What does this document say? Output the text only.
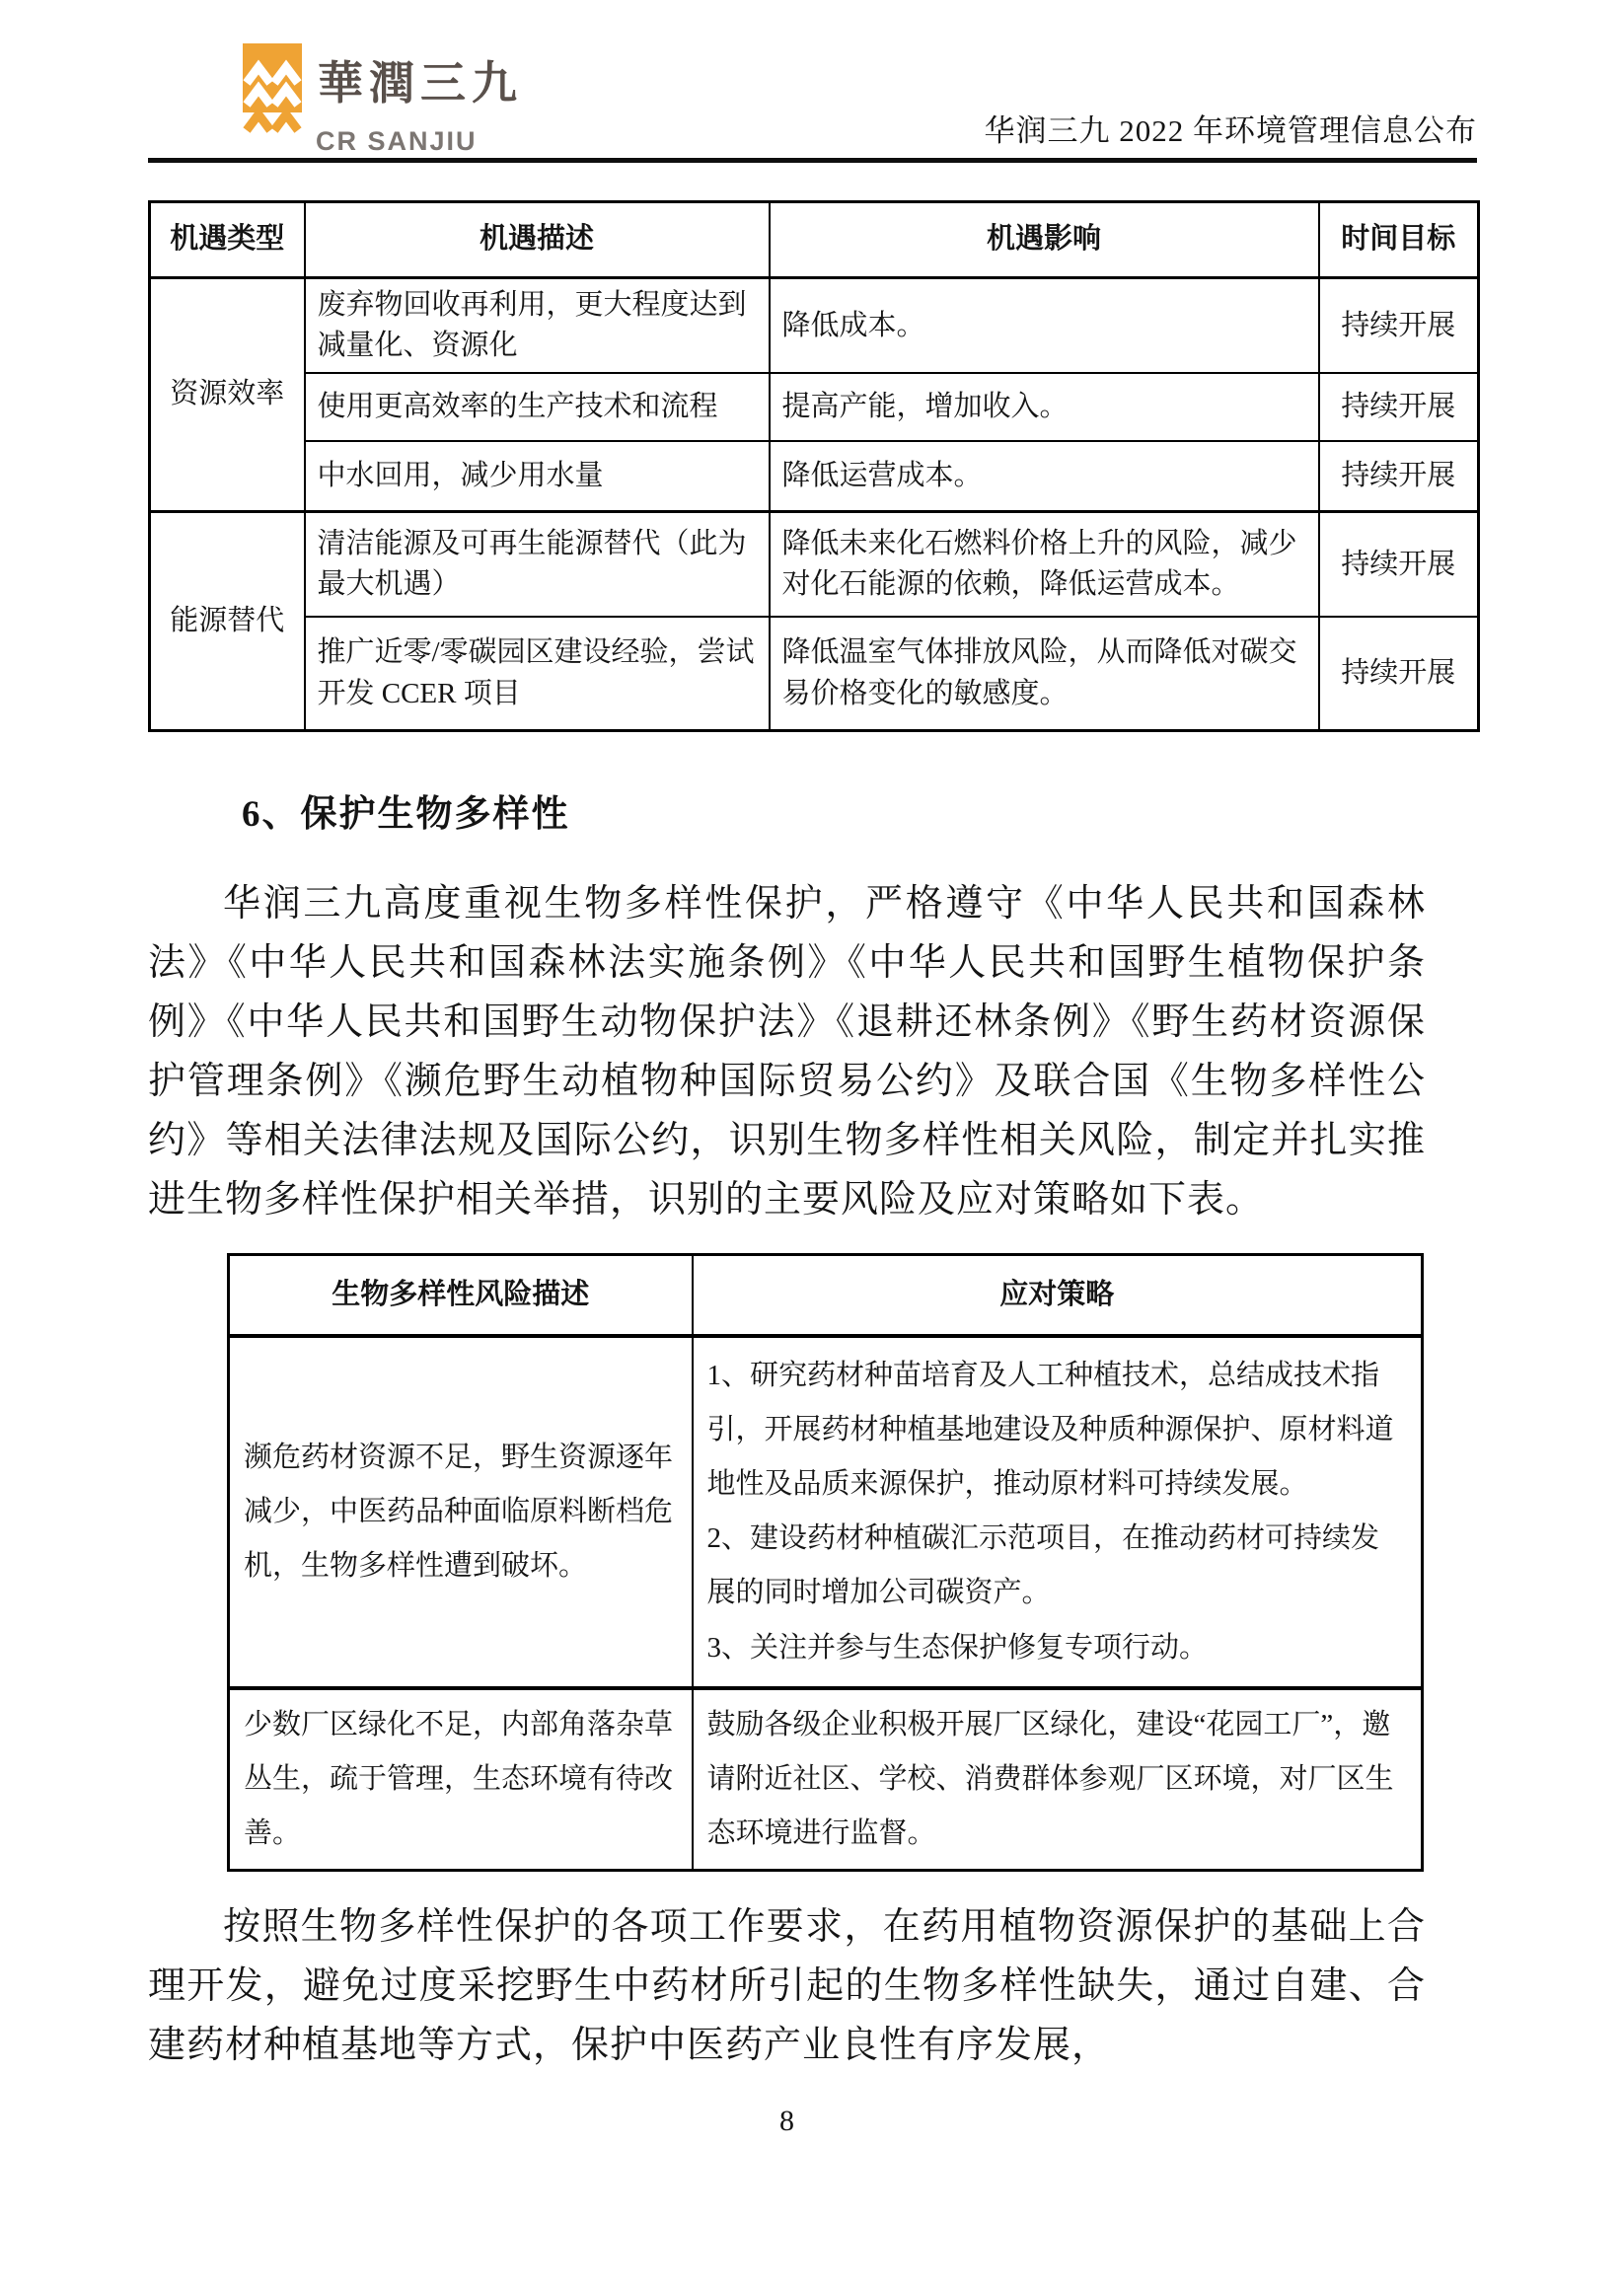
華潤三九
CR SANJIU	华润三九 2022 年环境管理信息公布
机遇类型	机遇描述	机遇影响	时间目标
资源效率	废弃物回收再利用，更大程度达到减量化、资源化	降低成本。	持续开展
	使用更高效率的生产技术和流程	提高产能，增加收入。	持续开展
	中水回用，减少用水量	降低运营成本。	持续开展
能源替代	清洁能源及可再生能源替代（此为最大机遇）	降低未来化石燃料价格上升的风险，减少对化石能源的依赖，降低运营成本。	持续开展
	推广近零/零碳园区建设经验，尝试开发 CCER 项目	降低温室气体排放风险，从而降低对碳交易价格变化的敏感度。	持续开展
6、保护生物多样性

华润三九高度重视生物多样性保护，严格遵守《中华人民共和国森林法》《中华人民共和国森林法实施条例》《中华人民共和国野生植物保护条例》《中华人民共和国野生动物保护法》《退耕还林条例》《野生药材资源保护管理条例》《濒危野生动植物种国际贸易公约》及联合国《生物多样性公约》等相关法律法规及国际公约，识别生物多样性相关风险，制定并扎实推进生物多样性保护相关举措，识别的主要风险及应对策略如下表。

生物多样性风险描述	应对策略
濒危药材资源不足，野生资源逐年减少，中医药品种面临原料断档危机，生物多样性遭到破坏。	1、研究药材种苗培育及人工种植技术，总结成技术指引，开展药材种植基地建设及种质种源保护、原材料道地性及品质来源保护，推动原材料可持续发展。

2、建设药材种植碳汇示范项目，在推动药材可持续发展的同时增加公司碳资产。

3、关注并参与生态保护修复专项行动。

少数厂区绿化不足，内部角落杂草丛生，疏于管理，生态环境有待改善。	鼓励各级企业积极开展厂区绿化，建设“花园工厂”，邀请附近社区、学校、消费群体参观厂区环境，对厂区生态环境进行监督。

按照生物多样性保护的各项工作要求，在药用植物资源保护的基础上合理开发，避免过度采挖野生中药材所引起的生物多样性缺失，通过自建、合建药材种植基地等方式，保护中医药产业良性有序发展，

8
